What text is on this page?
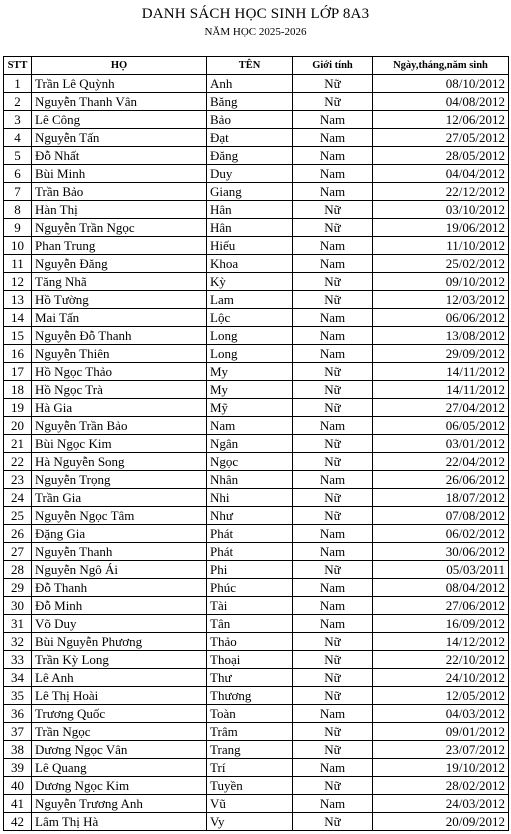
DANH SÁCH HỌC SINH LỚP 8A3
NĂM HỌC 2025-2026
STT	HỌ	TÊN	Giới tính	Ngày,tháng,năm sinh
1	Trần Lê Quỳnh	Anh	Nữ	08/10/2012
2	Nguyễn Thanh Vân	Băng	Nữ	04/08/2012
3	Lê Công	Bảo	Nam	12/06/2012
4	Nguyễn Tấn	Đạt	Nam	27/05/2012
5	Đỗ Nhất	Đăng	Nam	28/05/2012
6	Bùi Minh	Duy	Nam	04/04/2012
7	Trần Bảo	Giang	Nam	22/12/2012
8	Hàn Thị	Hân	Nữ	03/10/2012
9	Nguyễn Trần Ngọc	Hân	Nữ	19/06/2012
10	Phan Trung	Hiếu	Nam	11/10/2012
11	Nguyễn Đăng	Khoa	Nam	25/02/2012
12	Tăng Nhã	Kỳ	Nữ	09/10/2012
13	Hồ Tường	Lam	Nữ	12/03/2012
14	Mai Tấn	Lộc	Nam	06/06/2012
15	Nguyễn Đỗ Thanh	Long	Nam	13/08/2012
16	Nguyễn Thiên	Long	Nam	29/09/2012
17	Hồ Ngọc Thảo	My	Nữ	14/11/2012
18	Hồ Ngọc Trà	My	Nữ	14/11/2012
19	Hà Gia	Mỹ	Nữ	27/04/2012
20	Nguyễn Trần Bảo	Nam	Nam	06/05/2012
21	Bùi Ngọc Kim	Ngân	Nữ	03/01/2012
22	Hà Nguyễn Song	Ngọc	Nữ	22/04/2012
23	Nguyễn Trọng	Nhân	Nam	26/06/2012
24	Trần Gia	Nhi	Nữ	18/07/2012
25	Nguyễn Ngọc Tâm	Như	Nữ	07/08/2012
26	Đặng Gia	Phát	Nam	06/02/2012
27	Nguyễn Thanh	Phát	Nam	30/06/2012
28	Nguyễn Ngô Ái	Phi	Nữ	05/03/2011
29	Đỗ Thanh	Phúc	Nam	08/04/2012
30	Đỗ Minh	Tài	Nam	27/06/2012
31	Võ Duy	Tân	Nam	16/09/2012
32	Bùi Nguyễn Phương	Thảo	Nữ	14/12/2012
33	Trần Kỳ Long	Thoại	Nữ	22/10/2012
34	Lê Anh	Thư	Nữ	24/10/2012
35	Lê Thị Hoài	Thương	Nữ	12/05/2012
36	Trương Quốc	Toàn	Nam	04/03/2012
37	Trần Ngọc	Trâm	Nữ	09/01/2012
38	Dương Ngọc Vân	Trang	Nữ	23/07/2012
39	Lê Quang	Trí	Nam	19/10/2012
40	Dương Ngọc Kim	Tuyền	Nữ	28/02/2012
41	Nguyễn Trương Anh	Vũ	Nam	24/03/2012
42	Lâm Thị Hà	Vy	Nữ	20/09/2012
